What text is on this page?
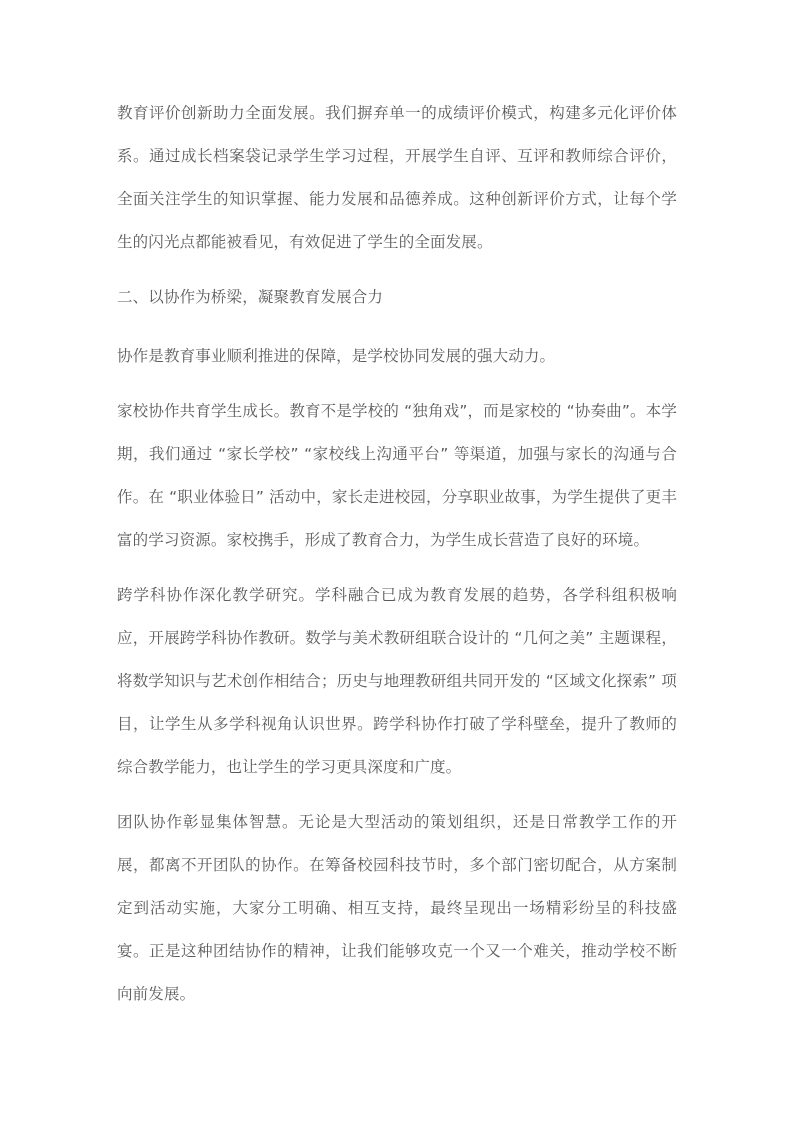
教育评价创新助力全面发展。我们摒弃单一的成绩评价模式，构建多元化评价体系。通过成长档案袋记录学生学习过程，开展学生自评、互评和教师综合评价，全面关注学生的知识掌握、能力发展和品德养成。这种创新评价方式，让每个学生的闪光点都能被看见，有效促进了学生的全面发展。

二、以协作为桥梁，凝聚教育发展合力

协作是教育事业顺利推进的保障，是学校协同发展的强大动力。

家校协作共育学生成长。教育不是学校的 “独角戏”，而是家校的 “协奏曲”。本学期，我们通过 “家长学校” “家校线上沟通平台” 等渠道，加强与家长的沟通与合作。在 “职业体验日” 活动中，家长走进校园，分享职业故事，为学生提供了更丰富的学习资源。家校携手，形成了教育合力，为学生成长营造了良好的环境。

跨学科协作深化教学研究。学科融合已成为教育发展的趋势，各学科组积极响应，开展跨学科协作教研。数学与美术教研组联合设计的 “几何之美” 主题课程，将数学知识与艺术创作相结合；历史与地理教研组共同开发的 “区域文化探索” 项目，让学生从多学科视角认识世界。跨学科协作打破了学科壁垒，提升了教师的综合教学能力，也让学生的学习更具深度和广度。

团队协作彰显集体智慧。无论是大型活动的策划组织，还是日常教学工作的开展，都离不开团队的协作。在筹备校园科技节时，多个部门密切配合，从方案制定到活动实施，大家分工明确、相互支持，最终呈现出一场精彩纷呈的科技盛宴。正是这种团结协作的精神，让我们能够攻克一个又一个难关，推动学校不断向前发展。
